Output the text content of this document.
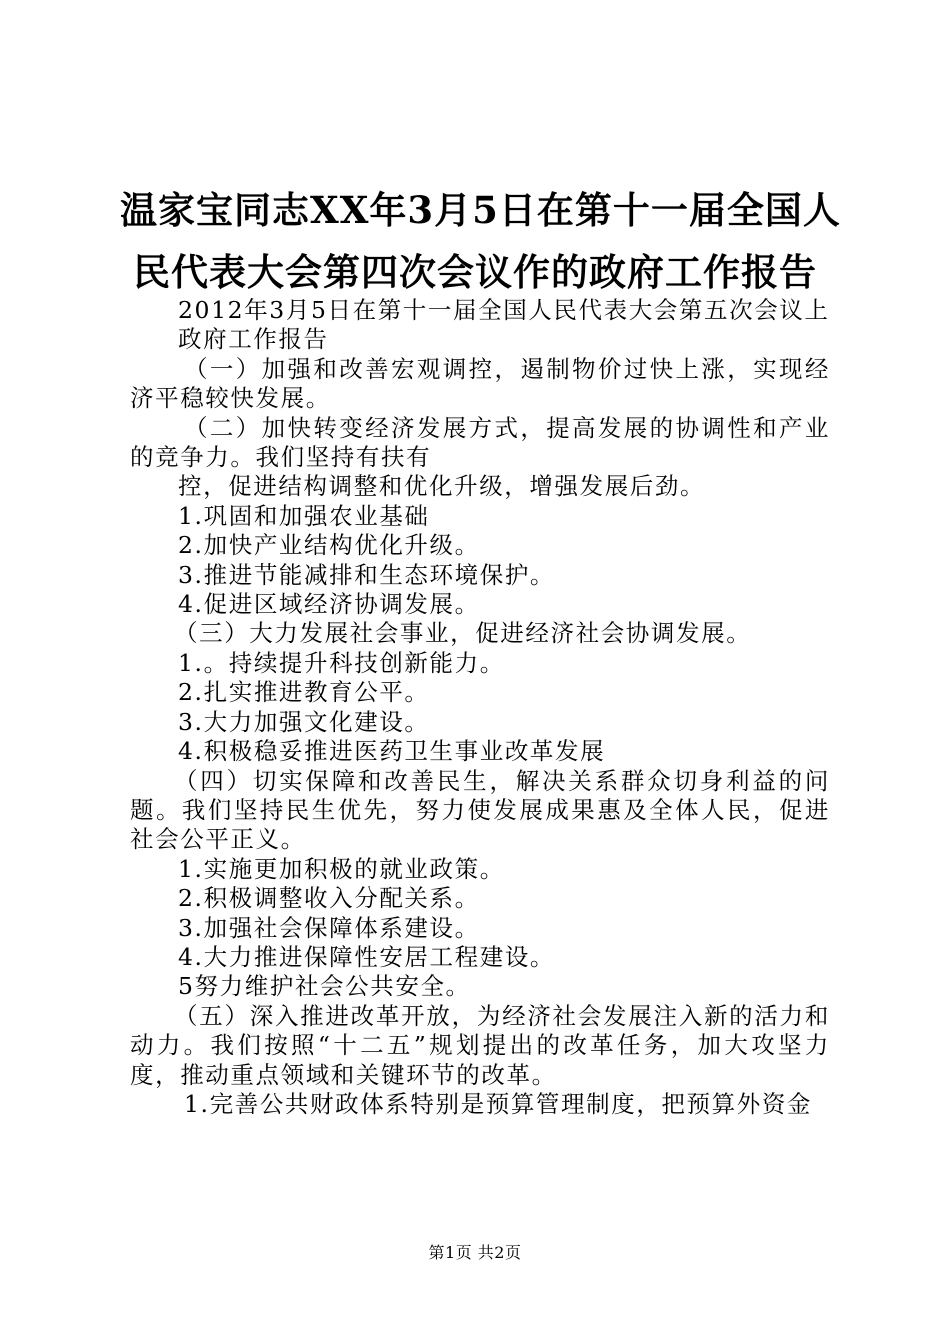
温家宝同志XX年3月5日在第十一届全国人
民代表大会第四次会议作的政府工作报告

2012年3月5日在第十一届全国人民代表大会第五次会议上

政府工作报告

（一）加强和改善宏观调控，遏制物价过快上涨，实现经济平稳较快发展。

（二）加快转变经济发展方式，提高发展的协调性和产业的竞争力。我们坚持有扶有

控，促进结构调整和优化升级，增强发展后劲。

1.巩固和加强农业基础

2.加快产业结构优化升级。

3.推进节能减排和生态环境保护。

4.促进区域经济协调发展。

（三）大力发展社会事业，促进经济社会协调发展。

1.。持续提升科技创新能力。

2.扎实推进教育公平。

3.大力加强文化建设。

4.积极稳妥推进医药卫生事业改革发展

（四）切实保障和改善民生，解决关系群众切身利益的问题。我们坚持民生优先，努力使发展成果惠及全体人民，促进社会公平正义。

1.实施更加积极的就业政策。

2.积极调整收入分配关系。

3.加强社会保障体系建设。

4.大力推进保障性安居工程建设。

5努力维护社会公共安全。

（五）深入推进改革开放，为经济社会发展注入新的活力和动力。我们按照“十二五”规划提出的改革任务，加大攻坚力度，推动重点领域和关键环节的改革。

1.完善公共财政体系特别是预算管理制度，把预算外资金

第1页 共2页
